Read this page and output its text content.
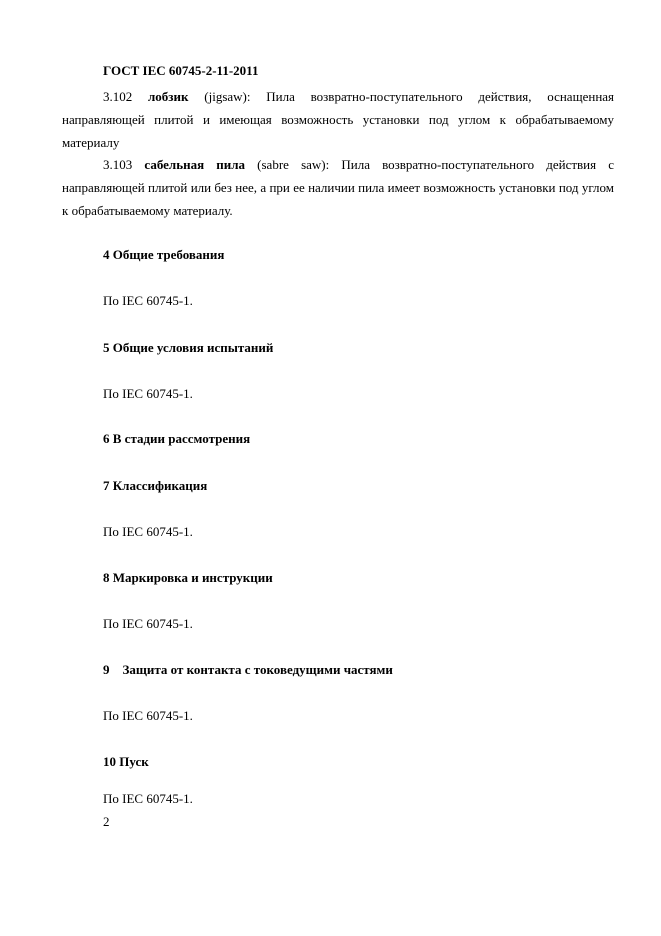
ГОСТ IEC 60745-2-11-2011

3.102 лобзик (jigsaw): Пила возвратно-поступательного действия, оснащенная направляющей плитой и имеющая возможность установки под углом к обрабатываемому материалу

3.103 сабельная пила (sabre saw): Пила возвратно-поступательного действия с направляющей плитой или без нее, а при ее наличии пила имеет возможность установки под углом к обрабатываемому материалу.

4 Общие требования
По IEC 60745-1.
5 Общие условия испытаний
По IEC 60745-1.
6 В стадии рассмотрения
7 Классификация
По IEC 60745-1.
8 Маркировка и инструкции
По IEC 60745-1.
9    Защита от контакта с токоведущими частями
По IEC 60745-1.
10 Пуск
По IEC 60745-1.
2
